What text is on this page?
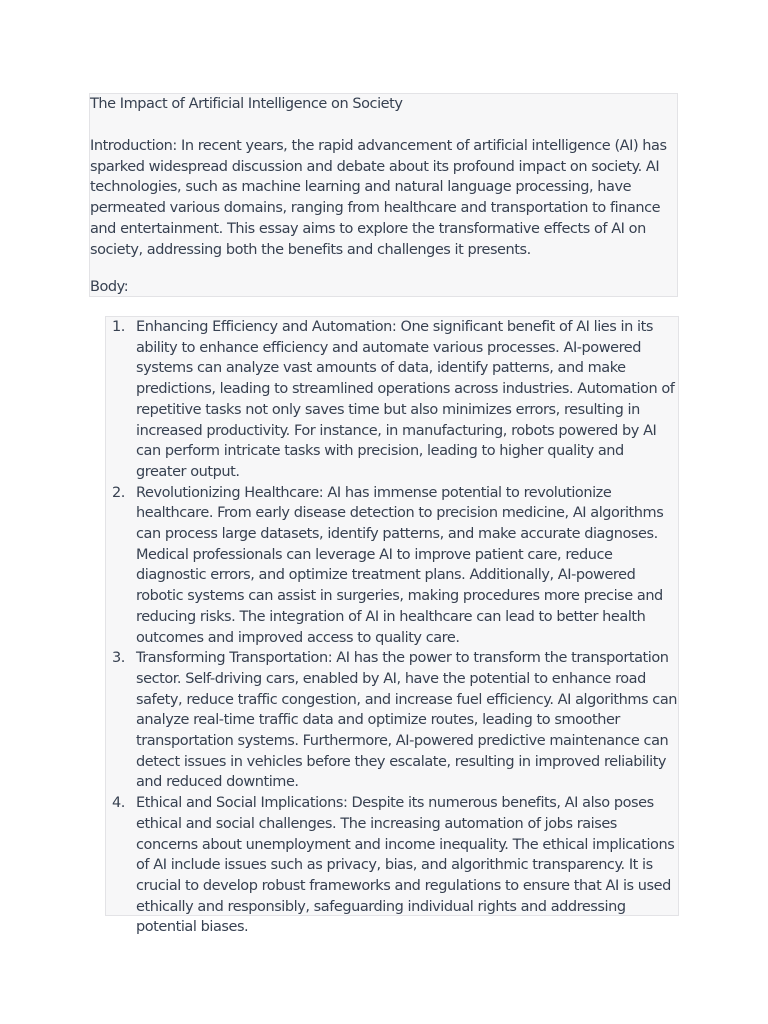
The Impact of Artificial Intelligence on Society

Introduction: In recent years, the rapid advancement of artificial intelligence (AI) has sparked widespread discussion and debate about its profound impact on society. AI technologies, such as machine learning and natural language processing, have permeated various domains, ranging from healthcare and transportation to finance and entertainment. This essay aims to explore the transformative effects of AI on society, addressing both the benefits and challenges it presents.

Body:

1. Enhancing Efficiency and Automation: One significant benefit of AI lies in its ability to enhance efficiency and automate various processes. AI-powered systems can analyze vast amounts of data, identify patterns, and make predictions, leading to streamlined operations across industries. Automation of repetitive tasks not only saves time but also minimizes errors, resulting in increased productivity. For instance, in manufacturing, robots powered by AI can perform intricate tasks with precision, leading to higher quality and greater output.
2. Revolutionizing Healthcare: AI has immense potential to revolutionize healthcare. From early disease detection to precision medicine, AI algorithms can process large datasets, identify patterns, and make accurate diagnoses. Medical professionals can leverage AI to improve patient care, reduce diagnostic errors, and optimize treatment plans. Additionally, AI-powered robotic systems can assist in surgeries, making procedures more precise and reducing risks. The integration of AI in healthcare can lead to better health outcomes and improved access to quality care.
3. Transforming Transportation: AI has the power to transform the transportation sector. Self-driving cars, enabled by AI, have the potential to enhance road safety, reduce traffic congestion, and increase fuel efficiency. AI algorithms can analyze real-time traffic data and optimize routes, leading to smoother transportation systems. Furthermore, AI-powered predictive maintenance can detect issues in vehicles before they escalate, resulting in improved reliability and reduced downtime.
4. Ethical and Social Implications: Despite its numerous benefits, AI also poses ethical and social challenges. The increasing automation of jobs raises concerns about unemployment and income inequality. The ethical implications of AI include issues such as privacy, bias, and algorithmic transparency. It is crucial to develop robust frameworks and regulations to ensure that AI is used ethically and responsibly, safeguarding individual rights and addressing potential biases.
